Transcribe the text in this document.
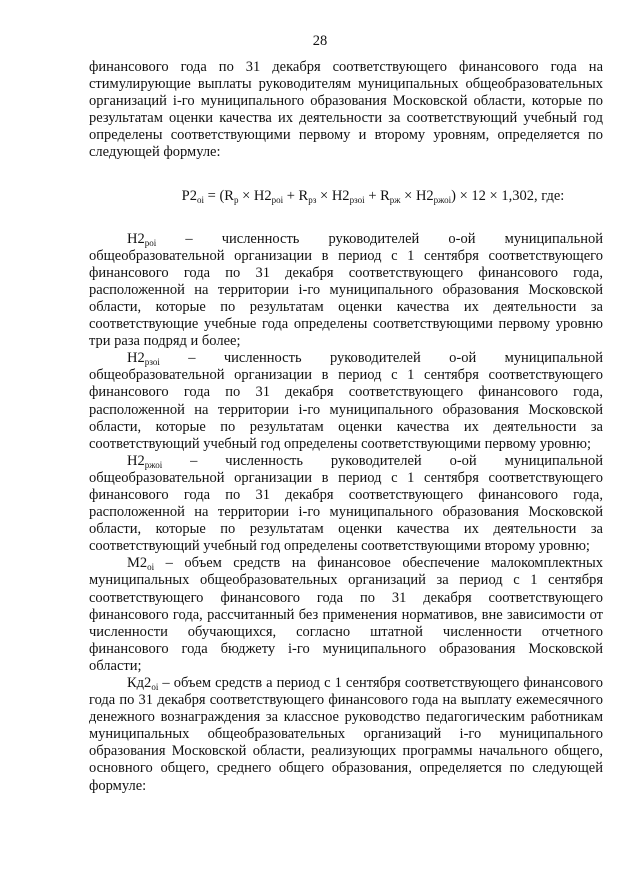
28

финансового года по 31 декабря соответствующего финансового года на стимулирующие выплаты руководителям муниципальных общеобразовательных организаций i-го муниципального образования Московской области, которые по результатам оценки качества их деятельности за соответствующий учебный год определены соответствующими первому и второму уровням, определяется по следующей формуле:

$Р2_{oi} = (R_р \times Н2_{роi} + R_{рз} \times Н2_{рзоi} + R_{рж} \times Н2_{ржоi}) \times 12 \times 1,302$, где:

$Н2_{роi}$ – численность руководителей о-ой муниципальной общеобразовательной организации в период с 1 сентября соответствующего финансового года по 31 декабря соответствующего финансового года, расположенной на территории i-го муниципального образования Московской области, которые по результатам оценки качества их деятельности за соответствующие учебные года определены соответствующими первому уровню три раза подряд и более;

$Н2_{рзоi}$ – численность руководителей о-ой муниципальной общеобразовательной организации в период с 1 сентября соответствующего финансового года по 31 декабря соответствующего финансового года, расположенной на территории i-го муниципального образования Московской области, которые по результатам оценки качества их деятельности за соответствующий учебный год определены соответствующими первому уровню;

$Н2_{ржоi}$ – численность руководителей о-ой муниципальной общеобразовательной организации в период с 1 сентября соответствующего финансового года по 31 декабря соответствующего финансового года, расположенной на территории i-го муниципального образования Московской области, которые по результатам оценки качества их деятельности за соответствующий учебный год определены соответствующими второму уровню;

$М2_{oi}$ – объем средств на финансовое обеспечение малокомплектных муниципальных общеобразовательных организаций за период с 1 сентября соответствующего финансового года по 31 декабря соответствующего финансового года, рассчитанный без применения нормативов, вне зависимости от численности обучающихся, согласно штатной численности отчетного финансового года бюджету i-го муниципального образования Московской области;

$Кд2_{oi}$ – объем средств а период с 1 сентября соответствующего финансового года по 31 декабря соответствующего финансового года на выплату ежемесячного денежного вознаграждения за классное руководство педагогическим работникам муниципальных общеобразовательных организаций i-го муниципального образования Московской области, реализующих программы начального общего, основного общего, среднего общего образования, определяется по следующей формуле:
